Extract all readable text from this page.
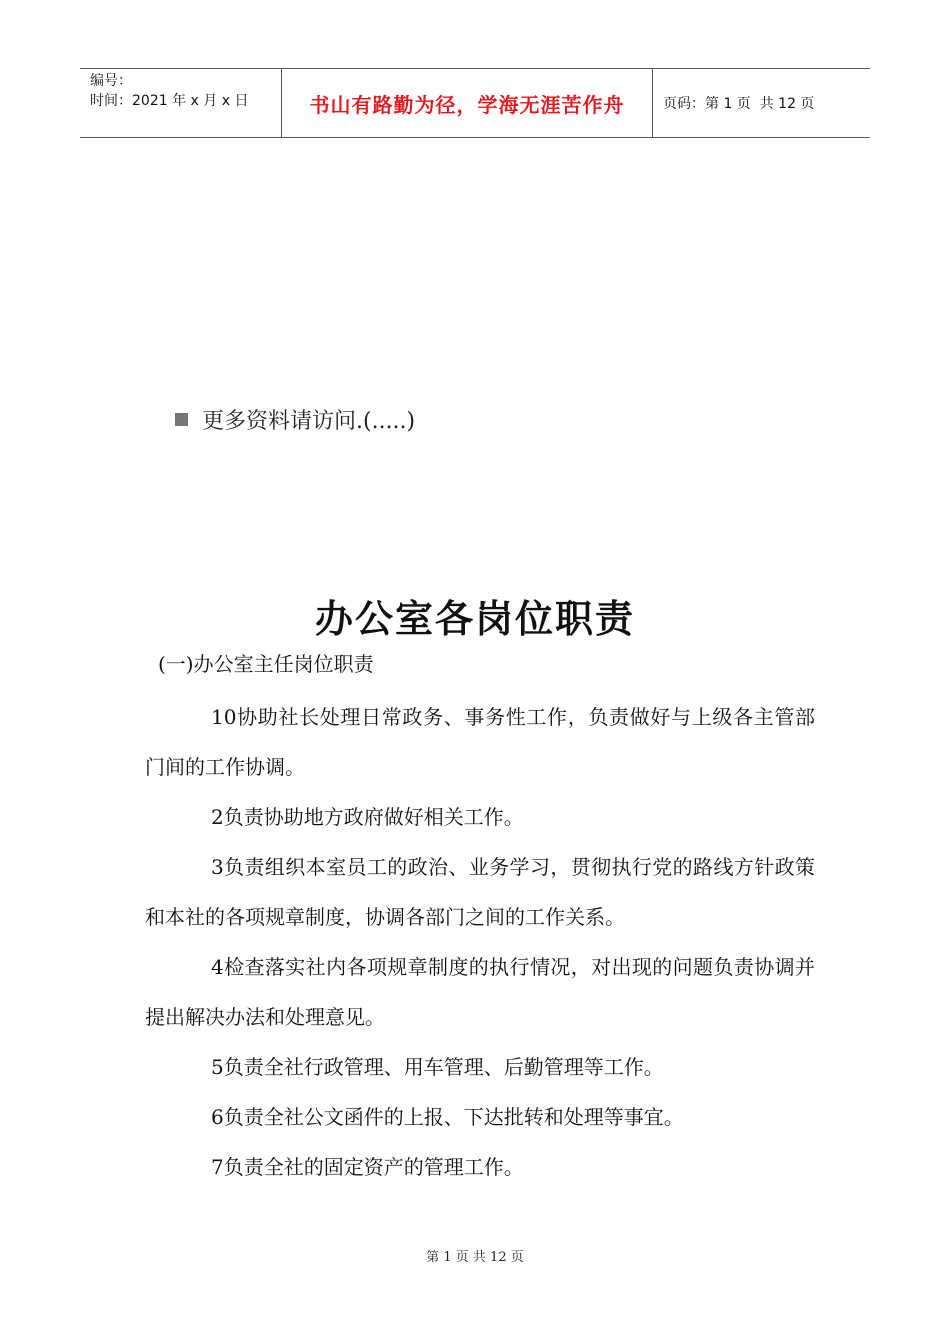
编号：
时间：2021 年 x 月 x 日	书山有路勤为径，学海无涯苦作舟	页码：第 1 页  共 12 页
更多资料请访问.(.....)
办公室各岗位职责
(一)办公室主任岗位职责

10协助社长处理日常政务、事务性工作，负责做好与上级各主管部门间的工作协调。

2负责协助地方政府做好相关工作。

3负责组织本室员工的政治、业务学习，贯彻执行党的路线方针政策和本社的各项规章制度，协调各部门之间的工作关系。

4检查落实社内各项规章制度的执行情况，对出现的问题负责协调并提出解决办法和处理意见。

5负责全社行政管理、用车管理、后勤管理等工作。

6负责全社公文函件的上报、下达批转和处理等事宜。

7负责全社的固定资产的管理工作。

第 1 页 共 12 页
